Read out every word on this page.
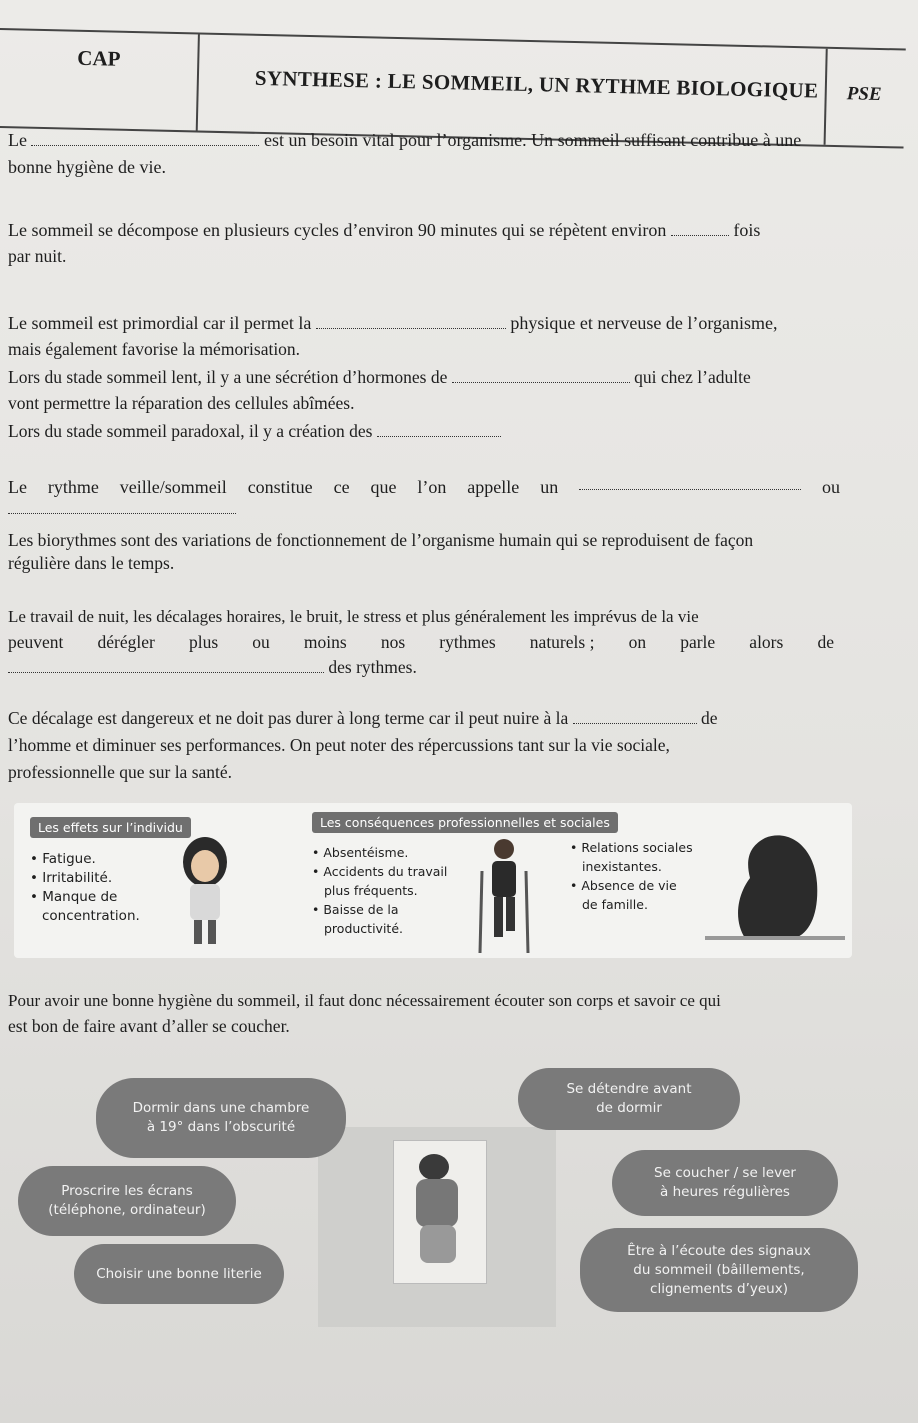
CAP
SYNTHESE : LE SOMMEIL, UN RYTHME BIOLOGIQUE PSE
Le	est un besoin vital pour l’organisme. Un sommeil suffisant contribue à une
bonne hygiène de vie.
Le sommeil se décompose en plusieurs cycles d’environ 90 minutes qui se répètent environ	fois
par nuit.
Le sommeil est primordial car il permet la	physique et nerveuse de l’organisme,
mais également favorise la mémorisation.
Lors du stade sommeil lent, il y a une sécrétion d’hormones de	qui chez l’adulte
vont permettre la réparation des cellules abîmées.
Lors du stade sommeil paradoxal, il y a création des
Le rythme veille/sommeil constitue ce que l’on appelle un	ou
Les biorythmes sont des variations de fonctionnement de l’organisme humain qui se reproduisent de façon
régulière dans le temps.
Le travail de nuit, les décalages horaires, le bruit, le stress et plus généralement les imprévus de la vie
peuvent dérégler plus ou moins nos rythmes naturels ; on parle alors de
des rythmes.
Ce décalage est dangereux et ne doit pas durer à long terme car il peut nuire à la	de
l’homme et diminuer ses performances. On peut noter des répercussions tant sur la vie sociale,
professionnelle que sur la santé.
Les effets sur l’individu	Les conséquences professionnelles et sociales
• Fatigue.
• Irritabilité.
• Manque de
concentration.
• Absentéisme.
• Accidents du travail
plus fréquents.
• Baisse de la
productivité.
• Relations sociales
inexistantes.
• Absence de vie
de famille.
Pour avoir une bonne hygiène du sommeil, il faut donc nécessairement écouter son corps et savoir ce qui
est bon de faire avant d’aller se coucher.
Dormir dans une chambre
à 19° dans l’obscurité
Se détendre avant
de dormir
Proscrire les écrans
(téléphone, ordinateur)
Se coucher / se lever
à heures régulières
Choisir une bonne literie
Être à l’écoute des signaux
du sommeil (bâillements,
clignements d’yeux)
